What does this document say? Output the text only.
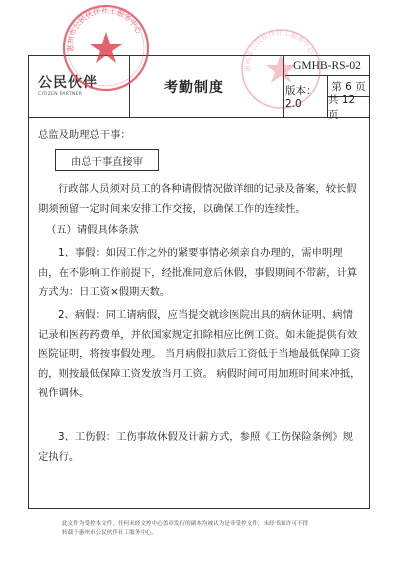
公民伙伴
CITIZEN PARTNER	考勤制度
GMHB-RS-02
版本：2.0
第 6 页
共 12 页
惠州市公民伙伴社工服务中心
惠州市公民伙伴社工服务中心
总监及助理总干事：
由总干事直接审
行政部人员须对员工的各种请假情况做详细的记录及备案，较长假期须预留一定时间来安排工作交接，以确保工作的连续性。
（五）请假具体条款
1、事假：如因工作之外的紧要事情必须亲自办理的，需申明理由，在不影响工作前提下，经批准同意后休假，事假期间不带薪，计算方式为：日工资×假期天数。
2、病假：同工请病假，应当提交就诊医院出具的病休证明、病情记录和医药药费单，并依国家规定扣除相应比例工资。如未能提供有效医院证明，将按事假处理。 当月病假扣款后工资低于当地最低保障工资的，则按最低保障工资发放当月工资。 病假时间可用加班时间来冲抵，视作调休。
3、工伤假：工伤事故休假及计薪方式，参照《工伤保险条例》规定执行。
此文件为受控本文件，任何未经文控中心盖章发行的副本均被认为是非受控文件，未经书面许可不得
转载于惠州市公民伙伴社工服务中心。
